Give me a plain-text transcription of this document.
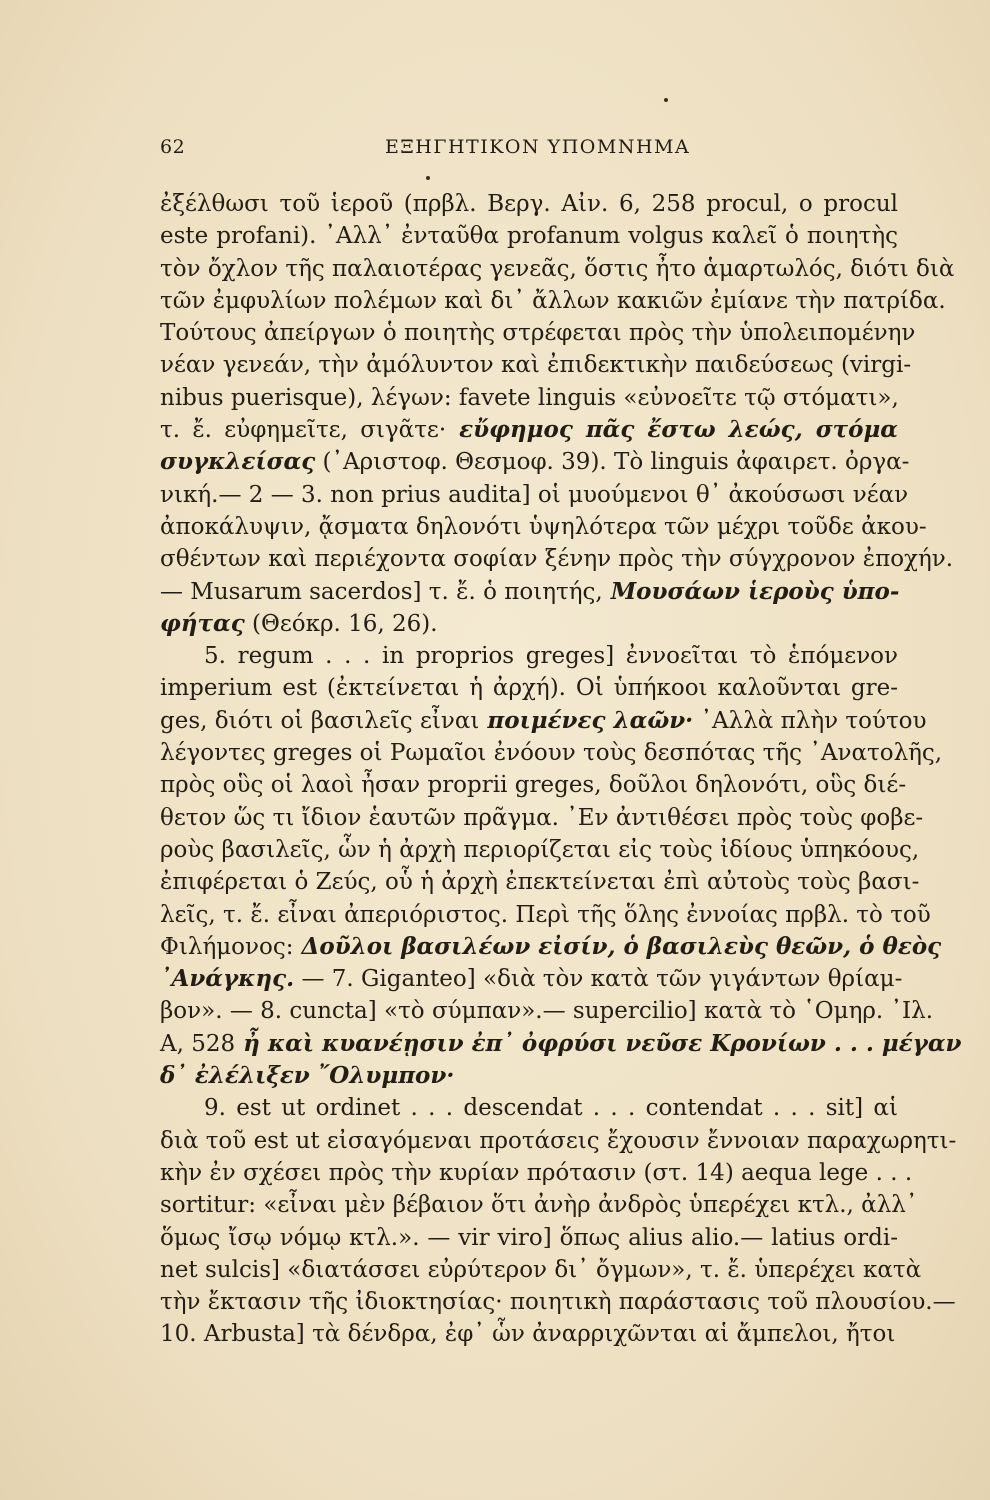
62	ΕΞΗΓΗΤΙΚΟΝ ΥΠΟΜΝΗΜΑ
ἐξέλθωσι τοῦ ἱεροῦ (πρβλ. Βεργ. Αἰν. 6, 258 procul, o procul
este profani). ᾿Αλλ᾿ ἐνταῦθα profanum volgus καλεῖ ὁ ποιητὴς
τὸν ὄχλον τῆς παλαιοτέρας γενεᾶς, ὅστις ἦτο ἁμαρτωλός, διότι διὰ
τῶν ἐμφυλίων πολέμων καὶ δι᾿ ἄλλων κακιῶν ἐμίανε τὴν πατρίδα.
Τούτους ἀπείργων ὁ ποιητὴς στρέφεται πρὸς τὴν ὑπολειπομένην
νέαν γενεάν, τὴν ἀμόλυντον καὶ ἐπιδεκτικὴν παιδεύσεως (virgi-
nibus puerisque), λέγων: favete linguis «εὐνοεῖτε τῷ στόματι»,
τ. ἔ. εὐφημεῖτε, σιγᾶτε· εὔφημος πᾶς ἔστω λεώς, στόμα
συγκλείσας (᾿Αριστοφ. Θεσμοφ. 39). Τὸ linguis ἀφαιρετ. ὀργα-
νική.— 2 — 3. non prius audita] οἱ μυούμενοι θ᾿ ἀκούσωσι νέαν
ἀποκάλυψιν, ᾄσματα δηλονότι ὑψηλότερα τῶν μέχρι τοῦδε ἀκου-
σθέντων καὶ περιέχοντα σοφίαν ξένην πρὸς τὴν σύγχρονον ἐποχήν.
— Musarum sacerdos] τ. ἔ. ὁ ποιητής, Μουσάων ἱεροὺς ὑπο-
φήτας (Θεόκρ. 16, 26).
5. regum . . . in proprios greges] ἐννοεῖται τὸ ἑπόμενον
imperium est (ἐκτείνεται ἡ ἀρχή). Οἱ ὑπήκοοι καλοῦνται gre-
ges, διότι οἱ βασιλεῖς εἶναι ποιμένες λαῶν· ᾿Αλλὰ πλὴν τούτου
λέγοντες greges οἱ Ρωμαῖοι ἐνόουν τοὺς δεσπότας τῆς ᾿Ανατολῆς,
πρὸς οὓς οἱ λαοὶ ἦσαν proprii greges, δοῦλοι δηλονότι, οὓς διέ-
θετον ὥς τι ἴδιον ἑαυτῶν πρᾶγμα. ᾿Εν ἀντιθέσει πρὸς τοὺς φοβε-
ροὺς βασιλεῖς, ὧν ἡ ἀρχὴ περιορίζεται εἰς τοὺς ἰδίους ὑπηκόους,
ἐπιφέρεται ὁ Ζεύς, οὗ ἡ ἀρχὴ ἐπεκτείνεται ἐπὶ αὐτοὺς τοὺς βασι-
λεῖς, τ. ἔ. εἶναι ἀπεριόριστος. Περὶ τῆς ὅλης ἐννοίας πρβλ. τὸ τοῦ
Φιλήμονος: Δοῦλοι βασιλέων εἰσίν, ὁ βασιλεὺς θεῶν, ὁ θεὸς
᾿Ανάγκης. — 7. Giganteo] «διὰ τὸν κατὰ τῶν γιγάντων θρίαμ-
βον». — 8. cuncta] «τὸ σύμπαν».— supercilio] κατὰ τὸ ῾Ομηρ. ᾿Ιλ.
Α, 528 ἦ καὶ κυανέῃσιν ἐπ᾿ ὀφρύσι νεῦσε Κρονίων . . . μέγαν
δ᾿ ἐλέλιξεν ῎Ολυμπον·
9. est ut ordinet . . . descendat . . . contendat . . . sit] αἱ
διὰ τοῦ est ut εἰσαγόμεναι προτάσεις ἔχουσιν ἔννοιαν παραχωρητι-
κὴν ἐν σχέσει πρὸς τὴν κυρίαν πρότασιν (στ. 14) aequa lege . . .
sortitur: «εἶναι μὲν βέβαιον ὅτι ἀνὴρ ἀνδρὸς ὑπερέχει κτλ., ἀλλ᾿
ὅμως ἴσῳ νόμῳ κτλ.». — vir viro] ὅπως alius alio.— latius ordi-
net sulcis] «διατάσσει εὐρύτερον δι᾿ ὄγμων», τ. ἔ. ὑπερέχει κατὰ
τὴν ἔκτασιν τῆς ἰδιοκτησίας· ποιητικὴ παράστασις τοῦ πλουσίου.—
10. Arbusta] τὰ δένδρα, ἐφ᾿ ὧν ἀναρριχῶνται αἱ ἄμπελοι, ἤτοι
